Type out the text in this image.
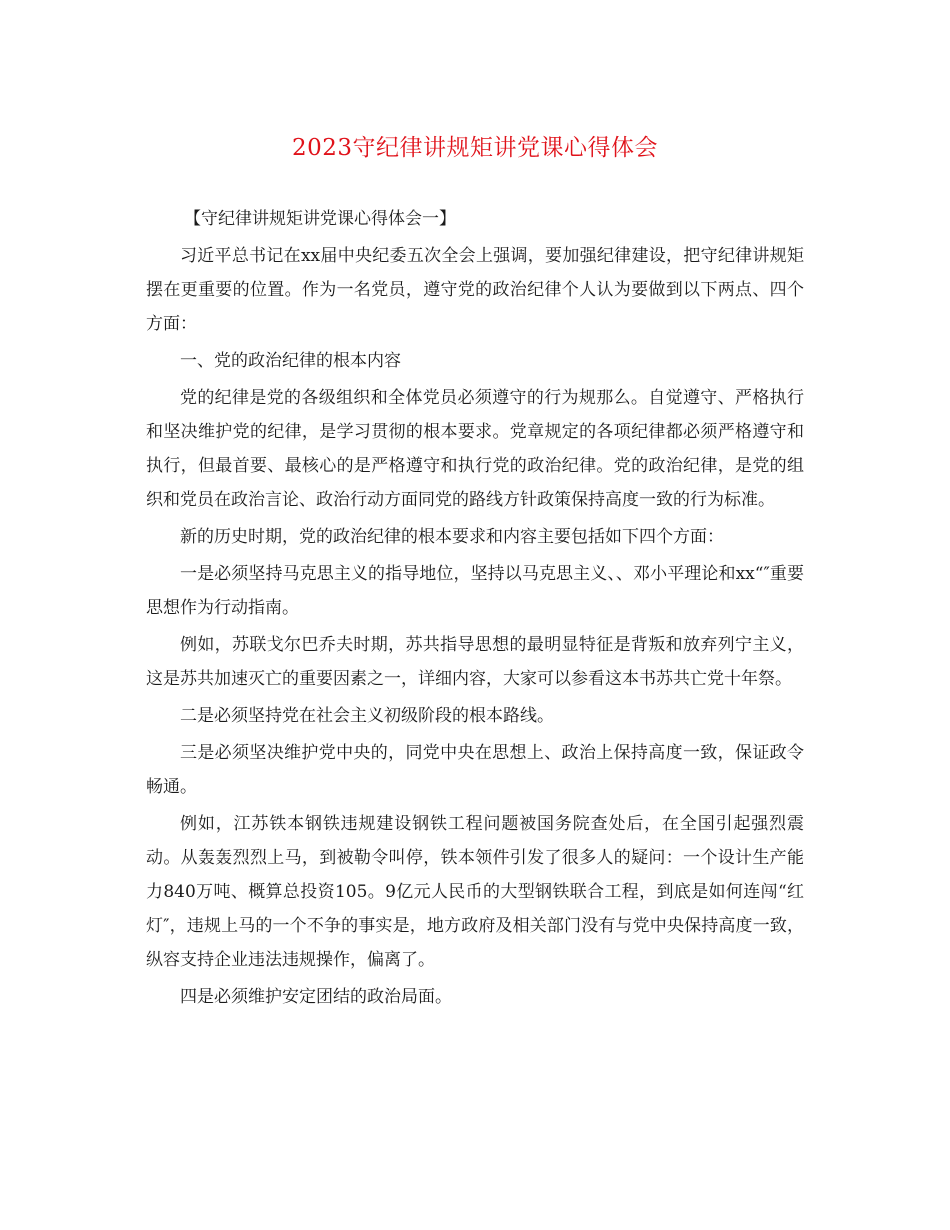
2023守纪律讲规矩讲党课心得体会

【守纪律讲规矩讲党课心得体会一】

习近平总书记在xx届中央纪委五次全会上强调，要加强纪律建设，把守纪律讲规矩摆在更重要的位置。作为一名党员，遵守党的政治纪律个人认为要做到以下两点、四个方面：

一、党的政治纪律的根本内容

党的纪律是党的各级组织和全体党员必须遵守的行为规那么。自觉遵守、严格执行和坚决维护党的纪律，是学习贯彻的根本要求。党章规定的各项纪律都必须严格遵守和执行，但最首要、最核心的是严格遵守和执行党的政治纪律。党的政治纪律，是党的组织和党员在政治言论、政治行动方面同党的路线方针政策保持高度一致的行为标准。

新的历史时期，党的政治纪律的根本要求和内容主要包括如下四个方面：

一是必须坚持马克思主义的指导地位，坚持以马克思主义、、邓小平理论和xx“″重要思想作为行动指南。

例如，苏联戈尔巴乔夫时期，苏共指导思想的最明显特征是背叛和放弃列宁主义，这是苏共加速灭亡的重要因素之一，详细内容，大家可以参看这本书苏共亡党十年祭。

二是必须坚持党在社会主义初级阶段的根本路线。

三是必须坚决维护党中央的，同党中央在思想上、政治上保持高度一致，保证政令畅通。

例如，江苏铁本钢铁违规建设钢铁工程问题被国务院查处后，在全国引起强烈震动。从轰轰烈烈上马，到被勒令叫停，铁本领件引发了很多人的疑问：一个设计生产能力840万吨、概算总投资105。9亿元人民币的大型钢铁联合工程，到底是如何连闯“红灯″，违规上马的一个不争的事实是，地方政府及相关部门没有与党中央保持高度一致，纵容支持企业违法违规操作，偏离了。

四是必须维护安定团结的政治局面。
